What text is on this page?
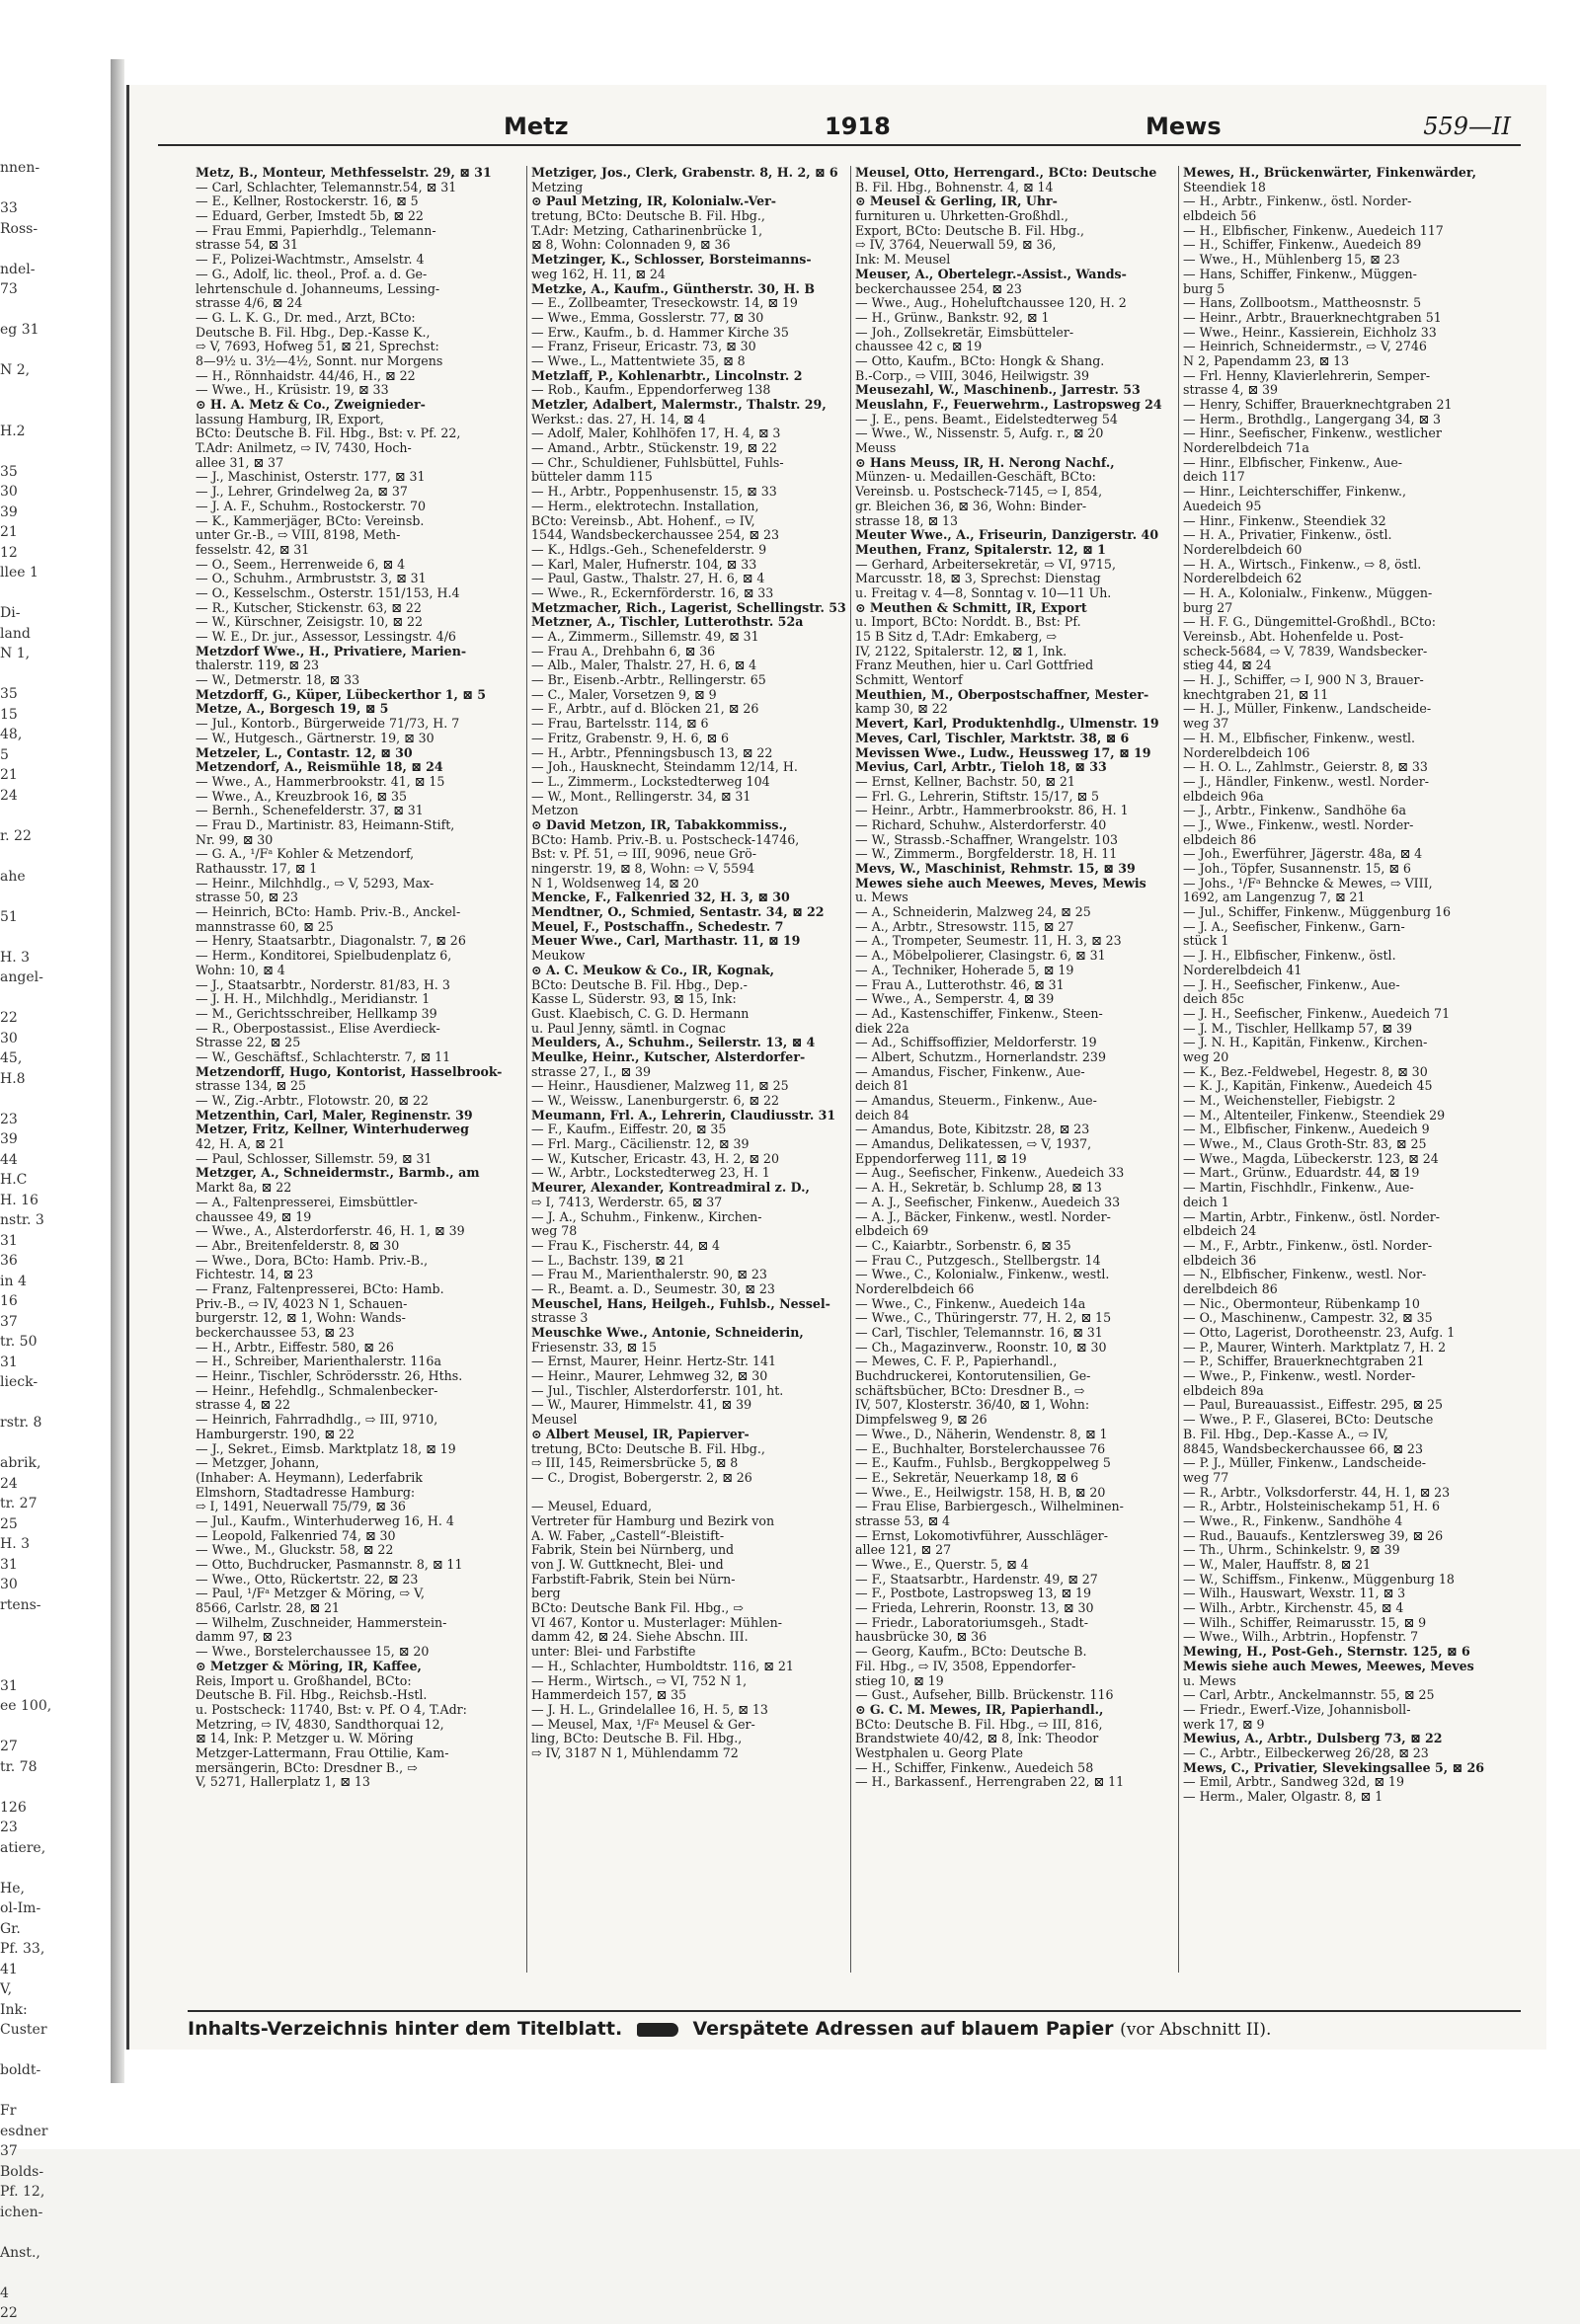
nnen-
33
Ross-
ndel-
73
eg 31
N 2,
H.2
35
30
39
21
12
llee 1
Di-
land
N 1,
35
15
48,
5
21
24
r. 22
ahe
51
H. 3
angel-
22
30
45,
H.8
23
39
44
H.C
H. 16
nstr. 3
31
36
in 4
16
37
tr. 50
31
lieck-
rstr. 8
abrik,
24
tr. 27
25
H. 3
31
30
rtens-
31
ee 100,
27
tr. 78
126
23
atiere,
He,
ol-Im-
Gr.
Pf. 33,
41
V,
Ink:
Custer
boldt-
Fr
esdner
37
Bolds-
Pf. 12,
ichen-
Anst.,
4
22
Metz	1918	Mews	559—II
Metz, B., Monteur, Methfesselstr. 29, ⊠ 31
— Carl, Schlachter, Telemannstr.54, ⊠ 31
— E., Kellner, Rostockerstr. 16, ⊠ 5
— Eduard, Gerber, Imstedt 5b, ⊠ 22
— Frau Emmi, Papierhdlg., Telemann-
strasse 54, ⊠ 31
— F., Polizei-Wachtmstr., Amselstr. 4
— G., Adolf, lic. theol., Prof. a. d. Ge-
lehrtenschule d. Johanneums, Lessing-
strasse 4/6, ⊠ 24
— G. L. K. G., Dr. med., Arzt, BCto:
Deutsche B. Fil. Hbg., Dep.-Kasse K.,
⇨ V, 7693, Hofweg 51, ⊠ 21, Sprechst:
8—9½ u. 3½—4½, Sonnt. nur Morgens
— H., Rönnhaidstr. 44/46, H., ⊠ 22
— Wwe., H., Krüsistr. 19, ⊠ 33
⊙ H. A. Metz & Co., Zweignieder-
lassung Hamburg, IR, Export,
BCto: Deutsche B. Fil. Hbg., Bst: v. Pf. 22,
T.Adr: Anilmetz, ⇨ IV, 7430, Hoch-
allee 31, ⊠ 37
— J., Maschinist, Osterstr. 177, ⊠ 31
— J., Lehrer, Grindelweg 2a, ⊠ 37
— J. A. F., Schuhm., Rostockerstr. 70
— K., Kammerjäger, BCto: Vereinsb.
unter Gr.-B., ⇨ VIII, 8198, Meth-
fesselstr. 42, ⊠ 31
— O., Seem., Herrenweide 6, ⊠ 4
— O., Schuhm., Armbruststr. 3, ⊠ 31
— O., Kesselschm., Osterstr. 151/153, H.4
— R., Kutscher, Stickenstr. 63, ⊠ 22
— W., Kürschner, Zeisigstr. 10, ⊠ 22
— W. E., Dr. jur., Assessor, Lessingstr. 4/6
Metzdorf Wwe., H., Privatiere, Marien-
thalerstr. 119, ⊠ 23
— W., Detmerstr. 18, ⊠ 33
Metzdorff, G., Küper, Lübeckerthor 1, ⊠ 5
Metze, A., Borgesch 19, ⊠ 5
— Jul., Kontorb., Bürgerweide 71/73, H. 7
— W., Hutgesch., Gärtnerstr. 19, ⊠ 30
Metzeler, L., Contastr. 12, ⊠ 30
Metzendorf, A., Reismühle 18, ⊠ 24
— Wwe., A., Hammerbrookstr. 41, ⊠ 15
— Wwe., A., Kreuzbrook 16, ⊠ 35
— Bernh., Schenefelderstr. 37, ⊠ 31
— Frau D., Martinistr. 83, Heimann-Stift,
Nr. 99, ⊠ 30
— G. A., ¹/Fᵃ Kohler & Metzendorf,
Rathausstr. 17, ⊠ 1
— Heinr., Milchhdlg., ⇨ V, 5293, Max-
strasse 50, ⊠ 23
— Heinrich, BCto: Hamb. Priv.-B., Anckel-
mannstrasse 60, ⊠ 25
— Henry, Staatsarbtr., Diagonalstr. 7, ⊠ 26
— Herm., Konditorei, Spielbudenplatz 6,
Wohn: 10, ⊠ 4
— J., Staatsarbtr., Norderstr. 81/83, H. 3
— J. H. H., Milchhdlg., Meridianstr. 1
— M., Gerichtsschreiber, Hellkamp 39
— R., Oberpostassist., Elise Averdieck-
Strasse 22, ⊠ 25
— W., Geschäftsf., Schlachterstr. 7, ⊠ 11
Metzendorff, Hugo, Kontorist, Hasselbrook-
strasse 134, ⊠ 25
— W., Zig.-Arbtr., Flotowstr. 20, ⊠ 22
Metzenthin, Carl, Maler, Reginenstr. 39
Metzer, Fritz, Kellner, Winterhuderweg
42, H. A, ⊠ 21
— Paul, Schlosser, Sillemstr. 59, ⊠ 31
Metzger, A., Schneidermstr., Barmb., am
Markt 8a, ⊠ 22
— A., Faltenpresserei, Eimsbüttler-
chaussee 49, ⊠ 19
— Wwe., A., Alsterdorferstr. 46, H. 1, ⊠ 39
— Abr., Breitenfelderstr. 8, ⊠ 30
— Wwe., Dora, BCto: Hamb. Priv.-B.,
Fichtestr. 14, ⊠ 23
— Franz, Faltenpresserei, BCto: Hamb.
Priv.-B., ⇨ IV, 4023 N 1, Schauen-
burgerstr. 12, ⊠ 1, Wohn: Wands-
beckerchaussee 53, ⊠ 23
— H., Arbtr., Eiffestr. 580, ⊠ 26
— H., Schreiber, Marienthalerstr. 116a
— Heinr., Tischler, Schrödersstr. 26, Hths.
— Heinr., Hefehdlg., Schmalenbecker-
strasse 4, ⊠ 22
— Heinrich, Fahrradhdlg., ⇨ III, 9710,
Hamburgerstr. 190, ⊠ 22
— J., Sekret., Eimsb. Marktplatz 18, ⊠ 19
— Metzger, Johann,
(Inhaber: A. Heymann), Lederfabrik
Elmshorn, Stadtadresse Hamburg:
⇨ I, 1491, Neuerwall 75/79, ⊠ 36
— Jul., Kaufm., Winterhuderweg 16, H. 4
— Leopold, Falkenried 74, ⊠ 30
— Wwe., M., Gluckstr. 58, ⊠ 22
— Otto, Buchdrucker, Pasmannstr. 8, ⊠ 11
— Wwe., Otto, Rückertstr. 22, ⊠ 23
— Paul, ¹/Fᵃ Metzger & Möring, ⇨ V,
8566, Carlstr. 28, ⊠ 21
— Wilhelm, Zuschneider, Hammerstein-
damm 97, ⊠ 23
— Wwe., Borstelerchaussee 15, ⊠ 20
⊙ Metzger & Möring, IR, Kaffee,
Reis, Import u. Großhandel, BCto:
Deutsche B. Fil. Hbg., Reichsb.-Hstl.
u. Postscheck: 11740, Bst: v. Pf. O 4, T.Adr:
Metzring, ⇨ IV, 4830, Sandthorquai 12,
⊠ 14, Ink: P. Metzger u. W. Möring
Metzger-Lattermann, Frau Ottilie, Kam-
mersängerin, BCto: Dresdner B., ⇨
V, 5271, Hallerplatz 1, ⊠ 13
Metziger, Jos., Clerk, Grabenstr. 8, H. 2, ⊠ 6
Metzing
⊙ Paul Metzing, IR, Kolonialw.-Ver-
tretung, BCto: Deutsche B. Fil. Hbg.,
T.Adr: Metzing, Catharinenbrücke 1,
⊠ 8, Wohn: Colonnaden 9, ⊠ 36
Metzinger, K., Schlosser, Borsteimanns-
weg 162, H. 11, ⊠ 24
Metzke, A., Kaufm., Güntherstr. 30, H. B
— E., Zollbeamter, Treseckowstr. 14, ⊠ 19
— Wwe., Emma, Gosslerstr. 77, ⊠ 30
— Erw., Kaufm., b. d. Hammer Kirche 35
— Franz, Friseur, Ericastr. 73, ⊠ 30
— Wwe., L., Mattentwiete 35, ⊠ 8
Metzlaff, P., Kohlenarbtr., Lincolnstr. 2
— Rob., Kaufm., Eppendorferweg 138
Metzler, Adalbert, Malermstr., Thalstr. 29,
Werkst.: das. 27, H. 14, ⊠ 4
— Adolf, Maler, Kohlhöfen 17, H. 4, ⊠ 3
— Amand., Arbtr., Stückenstr. 19, ⊠ 22
— Chr., Schuldiener, Fuhlsbüttel, Fuhls-
bütteler damm 115
— H., Arbtr., Poppenhusenstr. 15, ⊠ 33
— Herm., elektrotechn. Installation,
BCto: Vereinsb., Abt. Hohenf., ⇨ IV,
1544, Wandsbeckerchaussee 254, ⊠ 23
— K., Hdlgs.-Geh., Schenefelderstr. 9
— Karl, Maler, Hufnerstr. 104, ⊠ 33
— Paul, Gastw., Thalstr. 27, H. 6, ⊠ 4
— Wwe., R., Eckernförderstr. 16, ⊠ 33
Metzmacher, Rich., Lagerist, Schellingstr. 53
Metzner, A., Tischler, Lutterothstr. 52a
— A., Zimmerm., Sillemstr. 49, ⊠ 31
— Frau A., Drehbahn 6, ⊠ 36
— Alb., Maler, Thalstr. 27, H. 6, ⊠ 4
— Br., Eisenb.-Arbtr., Rellingerstr. 65
— C., Maler, Vorsetzen 9, ⊠ 9
— F., Arbtr., auf d. Blöcken 21, ⊠ 26
— Frau, Bartelsstr. 114, ⊠ 6
— Fritz, Grabenstr. 9, H. 6, ⊠ 6
— H., Arbtr., Pfenningsbusch 13, ⊠ 22
— Joh., Hausknecht, Steindamm 12/14, H.
— L., Zimmerm., Lockstedterweg 104
— W., Mont., Rellingerstr. 34, ⊠ 31
Metzon
⊙ David Metzon, IR, Tabakkommiss.,
BCto: Hamb. Priv.-B. u. Postscheck-14746,
Bst: v. Pf. 51, ⇨ III, 9096, neue Grö-
ningerstr. 19, ⊠ 8, Wohn: ⇨ V, 5594
N 1, Woldsenweg 14, ⊠ 20
Mencke, F., Falkenried 32, H. 3, ⊠ 30
Mendtner, O., Schmied, Sentastr. 34, ⊠ 22
Meuel, F., Postschaffn., Schedestr. 7
Meuer Wwe., Carl, Marthastr. 11, ⊠ 19
Meukow
⊙ A. C. Meukow & Co., IR, Kognak,
BCto: Deutsche B. Fil. Hbg., Dep.-
Kasse L, Süderstr. 93, ⊠ 15, Ink:
Gust. Klaebisch, C. G. D. Hermann
u. Paul Jenny, sämtl. in Cognac
Meulders, A., Schuhm., Seilerstr. 13, ⊠ 4
Meulke, Heinr., Kutscher, Alsterdorfer-
strasse 27, I., ⊠ 39
— Heinr., Hausdiener, Malzweg 11, ⊠ 25
— W., Weissw., Lanenburgerstr. 6, ⊠ 22
Meumann, Frl. A., Lehrerin, Claudiusstr. 31
— F., Kaufm., Eiffestr. 20, ⊠ 35
— Frl. Marg., Cäcilienstr. 12, ⊠ 39
— W., Kutscher, Ericastr. 43, H. 2, ⊠ 20
— W., Arbtr., Lockstedterweg 23, H. 1
Meurer, Alexander, Kontreadmiral z. D.,
⇨ I, 7413, Werderstr. 65, ⊠ 37
— J. A., Schuhm., Finkenw., Kirchen-
weg 78
— Frau K., Fischerstr. 44, ⊠ 4
— L., Bachstr. 139, ⊠ 21
— Frau M., Marienthalerstr. 90, ⊠ 23
— R., Beamt. a. D., Seumestr. 30, ⊠ 23
Meuschel, Hans, Heilgeh., Fuhlsb., Nessel-
strasse 3
Meuschke Wwe., Antonie, Schneiderin,
Friesenstr. 33, ⊠ 15
— Ernst, Maurer, Heinr. Hertz-Str. 141
— Heinr., Maurer, Lehmweg 32, ⊠ 30
— Jul., Tischler, Alsterdorferstr. 101, ht.
— W., Maurer, Himmelstr. 41, ⊠ 39
Meusel
⊙ Albert Meusel, IR, Papierver-
tretung, BCto: Deutsche B. Fil. Hbg.,
⇨ III, 145, Reimersbrücke 5, ⊠ 8
— C., Drogist, Bobergerstr. 2, ⊠ 26
— Meusel, Eduard,
Vertreter für Hamburg und Bezirk von
A. W. Faber, „Castell“-Bleistift-
Fabrik, Stein bei Nürnberg, und
von J. W. Guttknecht, Blei- und
Farbstift-Fabrik, Stein bei Nürn-
berg
BCto: Deutsche Bank Fil. Hbg., ⇨
VI 467, Kontor u. Musterlager: Mühlen-
damm 42, ⊠ 24. Siehe Abschn. III.
unter: Blei- und Farbstifte
— H., Schlachter, Humboldtstr. 116, ⊠ 21
— Herm., Wirtsch., ⇨ VI, 752 N 1,
Hammerdeich 157, ⊠ 35
— J. H. L., Grindelallee 16, H. 5, ⊠ 13
— Meusel, Max, ¹/Fᵃ Meusel & Ger-
ling, BCto: Deutsche B. Fil. Hbg.,
⇨ IV, 3187 N 1, Mühlendamm 72
Meusel, Otto, Herrengard., BCto: Deutsche
B. Fil. Hbg., Bohnenstr. 4, ⊠ 14
⊙ Meusel & Gerling, IR, Uhr-
furnituren u. Uhrketten-Großhdl.,
Export, BCto: Deutsche B. Fil. Hbg.,
⇨ IV, 3764, Neuerwall 59, ⊠ 36,
Ink: M. Meusel
Meuser, A., Obertelegr.-Assist., Wands-
beckerchaussee 254, ⊠ 23
— Wwe., Aug., Hoheluftchaussee 120, H. 2
— H., Grünw., Bankstr. 92, ⊠ 1
— Joh., Zollsekretär, Eimsbütteler-
chaussee 42 c, ⊠ 19
— Otto, Kaufm., BCto: Hongk & Shang.
B.-Corp., ⇨ VIII, 3046, Heilwigstr. 39
Meusezahl, W., Maschinenb., Jarrestr. 53
Meuslahn, F., Feuerwehrm., Lastropsweg 24
— J. E., pens. Beamt., Eidelstedterweg 54
— Wwe., W., Nissenstr. 5, Aufg. r., ⊠ 20
Meuss
⊙ Hans Meuss, IR, H. Nerong Nachf.,
Münzen- u. Medaillen-Geschäft, BCto:
Vereinsb. u. Postscheck-7145, ⇨ I, 854,
gr. Bleichen 36, ⊠ 36, Wohn: Binder-
strasse 18, ⊠ 13
Meuter Wwe., A., Friseurin, Danzigerstr. 40
Meuthen, Franz, Spitalerstr. 12, ⊠ 1
— Gerhard, Arbeitersekretär, ⇨ VI, 9715,
Marcusstr. 18, ⊠ 3, Sprechst: Dienstag
u. Freitag v. 4—8, Sonntag v. 10—11 Uh.
⊙ Meuthen & Schmitt, IR, Export
u. Import, BCto: Norddt. B., Bst: Pf.
15 B Sitz d, T.Adr: Emkaberg, ⇨
IV, 2122, Spitalerstr. 12, ⊠ 1, Ink.
Franz Meuthen, hier u. Carl Gottfried
Schmitt, Wentorf
Meuthien, M., Oberpostschaffner, Mester-
kamp 30, ⊠ 22
Mevert, Karl, Produktenhdlg., Ulmenstr. 19
Meves, Carl, Tischler, Marktstr. 38, ⊠ 6
Mevissen Wwe., Ludw., Heussweg 17, ⊠ 19
Mevius, Carl, Arbtr., Tieloh 18, ⊠ 33
— Ernst, Kellner, Bachstr. 50, ⊠ 21
— Frl. G., Lehrerin, Stiftstr. 15/17, ⊠ 5
— Heinr., Arbtr., Hammerbrookstr. 86, H. 1
— Richard, Schuhw., Alsterdorferstr. 40
— W., Strassb.-Schaffner, Wrangelstr. 103
— W., Zimmerm., Borgfelderstr. 18, H. 11
Mevs, W., Maschinist, Rehmstr. 15, ⊠ 39
Mewes siehe auch Meewes, Meves, Mewis
u. Mews
— A., Schneiderin, Malzweg 24, ⊠ 25
— A., Arbtr., Stresowstr. 115, ⊠ 27
— A., Trompeter, Seumestr. 11, H. 3, ⊠ 23
— A., Möbelpolierer, Clasingstr. 6, ⊠ 31
— A., Techniker, Hoherade 5, ⊠ 19
— Frau A., Lutterothstr. 46, ⊠ 31
— Wwe., A., Semperstr. 4, ⊠ 39
— Ad., Kastenschiffer, Finkenw., Steen-
diek 22a
— Ad., Schiffsoffizier, Meldorferstr. 19
— Albert, Schutzm., Hornerlandstr. 239
— Amandus, Fischer, Finkenw., Aue-
deich 81
— Amandus, Steuerm., Finkenw., Aue-
deich 84
— Amandus, Bote, Kibitzstr. 28, ⊠ 23
— Amandus, Delikatessen, ⇨ V, 1937,
Eppendorferweg 111, ⊠ 19
— Aug., Seefischer, Finkenw., Auedeich 33
— A. H., Sekretär, b. Schlump 28, ⊠ 13
— A. J., Seefischer, Finkenw., Auedeich 33
— A. J., Bäcker, Finkenw., westl. Norder-
elbdeich 69
— C., Kaiarbtr., Sorbenstr. 6, ⊠ 35
— Frau C., Putzgesch., Stellbergstr. 14
— Wwe., C., Kolonialw., Finkenw., westl.
Norderelbdeich 66
— Wwe., C., Finkenw., Auedeich 14a
— Wwe., C., Thüringerstr. 77, H. 2, ⊠ 15
— Carl, Tischler, Telemannstr. 16, ⊠ 31
— Ch., Magazinverw., Roonstr. 10, ⊠ 30
— Mewes, C. F. P., Papierhandl.,
Buchdruckerei, Kontorutensilien, Ge-
schäftsbücher, BCto: Dresdner B., ⇨
IV, 507, Klosterstr. 36/40, ⊠ 1, Wohn:
Dimpfelsweg 9, ⊠ 26
— Wwe., D., Näherin, Wendenstr. 8, ⊠ 1
— E., Buchhalter, Borstelerchaussee 76
— E., Kaufm., Fuhlsb., Bergkoppelweg 5
— E., Sekretär, Neuerkamp 18, ⊠ 6
— Wwe., E., Heilwigstr. 158, H. B, ⊠ 20
— Frau Elise, Barbiergesch., Wilhelminen-
strasse 53, ⊠ 4
— Ernst, Lokomotivführer, Ausschläger-
allee 121, ⊠ 27
— Wwe., E., Querstr. 5, ⊠ 4
— F., Staatsarbtr., Hardenstr. 49, ⊠ 27
— F., Postbote, Lastropsweg 13, ⊠ 19
— Frieda, Lehrerin, Roonstr. 13, ⊠ 30
— Friedr., Laboratoriumsgeh., Stadt-
hausbrücke 30, ⊠ 36
— Georg, Kaufm., BCto: Deutsche B.
Fil. Hbg., ⇨ IV, 3508, Eppendorfer-
stieg 10, ⊠ 19
— Gust., Aufseher, Billb. Brückenstr. 116
⊙ G. C. M. Mewes, IR, Papierhandl.,
BCto: Deutsche B. Fil. Hbg., ⇨ III, 816,
Brandstwiete 40/42, ⊠ 8, Ink: Theodor
Westphalen u. Georg Plate
— H., Schiffer, Finkenw., Auedeich 58
— H., Barkassenf., Herrengraben 22, ⊠ 11
Mewes, H., Brückenwärter, Finkenwärder,
Steendiek 18
— H., Arbtr., Finkenw., östl. Norder-
elbdeich 56
— H., Elbfischer, Finkenw., Auedeich 117
— H., Schiffer, Finkenw., Auedeich 89
— Wwe., H., Mühlenberg 15, ⊠ 23
— Hans, Schiffer, Finkenw., Müggen-
burg 5
— Hans, Zollbootsm., Mattheosnstr. 5
— Heinr., Arbtr., Brauerknechtgraben 51
— Wwe., Heinr., Kassierein, Eichholz 33
— Heinrich, Schneidermstr., ⇨ V, 2746
N 2, Papendamm 23, ⊠ 13
— Frl. Henny, Klavierlehrerin, Semper-
strasse 4, ⊠ 39
— Henry, Schiffer, Brauerknechtgraben 21
— Herm., Brothdlg., Langergang 34, ⊠ 3
— Hinr., Seefischer, Finkenw., westlicher
Norderelbdeich 71a
— Hinr., Elbfischer, Finkenw., Aue-
deich 117
— Hinr., Leichterschiffer, Finkenw.,
Auedeich 95
— Hinr., Finkenw., Steendiek 32
— H. A., Privatier, Finkenw., östl.
Norderelbdeich 60
— H. A., Wirtsch., Finkenw., ⇨ 8, östl.
Norderelbdeich 62
— H. A., Kolonialw., Finkenw., Müggen-
burg 27
— H. F. G., Düngemittel-Großhdl., BCto:
Vereinsb., Abt. Hohenfelde u. Post-
scheck-5684, ⇨ V, 7839, Wandsbecker-
stieg 44, ⊠ 24
— H. J., Schiffer, ⇨ I, 900 N 3, Brauer-
knechtgraben 21, ⊠ 11
— H. J., Müller, Finkenw., Landscheide-
weg 37
— H. M., Elbfischer, Finkenw., westl.
Norderelbdeich 106
— H. O. L., Zahlmstr., Geierstr. 8, ⊠ 33
— J., Händler, Finkenw., westl. Norder-
elbdeich 96a
— J., Arbtr., Finkenw., Sandhöhe 6a
— J., Wwe., Finkenw., westl. Norder-
elbdeich 86
— Joh., Ewerführer, Jägerstr. 48a, ⊠ 4
— Joh., Töpfer, Susannenstr. 15, ⊠ 6
— Johs., ¹/Fᵃ Behncke & Mewes, ⇨ VIII,
1692, am Langenzug 7, ⊠ 21
— Jul., Schiffer, Finkenw., Müggenburg 16
— J. A., Seefischer, Finkenw., Garn-
stück 1
— J. H., Elbfischer, Finkenw., östl.
Norderelbdeich 41
— J. H., Seefischer, Finkenw., Aue-
deich 85c
— J. H., Seefischer, Finkenw., Auedeich 71
— J. M., Tischler, Hellkamp 57, ⊠ 39
— J. N. H., Kapitän, Finkenw., Kirchen-
weg 20
— K., Bez.-Feldwebel, Hegestr. 8, ⊠ 30
— K. J., Kapitän, Finkenw., Auedeich 45
— M., Weichensteller, Fiebigstr. 2
— M., Altenteiler, Finkenw., Steendiek 29
— M., Elbfischer, Finkenw., Auedeich 9
— Wwe., M., Claus Groth-Str. 83, ⊠ 25
— Wwe., Magda, Lübeckerstr. 123, ⊠ 24
— Mart., Grünw., Eduardstr. 44, ⊠ 19
— Martin, Fischhdlr., Finkenw., Aue-
deich 1
— Martin, Arbtr., Finkenw., östl. Norder-
elbdeich 24
— M., F., Arbtr., Finkenw., östl. Norder-
elbdeich 36
— N., Elbfischer, Finkenw., westl. Nor-
derelbdeich 86
— Nic., Obermonteur, Rübenkamp 10
— O., Maschinenw., Campestr. 32, ⊠ 35
— Otto, Lagerist, Dorotheenstr. 23, Aufg. 1
— P., Maurer, Winterh. Marktplatz 7, H. 2
— P., Schiffer, Brauerknechtgraben 21
— Wwe., P., Finkenw., westl. Norder-
elbdeich 89a
— Paul, Bureauassist., Eiffestr. 295, ⊠ 25
— Wwe., P. F., Glaserei, BCto: Deutsche
B. Fil. Hbg., Dep.-Kasse A., ⇨ IV,
8845, Wandsbeckerchaussee 66, ⊠ 23
— P. J., Müller, Finkenw., Landscheide-
weg 77
— R., Arbtr., Volksdorferstr. 44, H. 1, ⊠ 23
— R., Arbtr., Holsteinischekamp 51, H. 6
— Wwe., R., Finkenw., Sandhöhe 4
— Rud., Bauaufs., Kentzlersweg 39, ⊠ 26
— Th., Uhrm., Schinkelstr. 9, ⊠ 39
— W., Maler, Hauffstr. 8, ⊠ 21
— W., Schiffsm., Finkenw., Müggenburg 18
— Wilh., Hauswart, Wexstr. 11, ⊠ 3
— Wilh., Arbtr., Kirchenstr. 45, ⊠ 4
— Wilh., Schiffer, Reimarusstr. 15, ⊠ 9
— Wwe., Wilh., Arbtrin., Hopfenstr. 7
Mewing, H., Post-Geh., Sternstr. 125, ⊠ 6
Mewis siehe auch Mewes, Meewes, Meves
u. Mews
— Carl, Arbtr., Anckelmannstr. 55, ⊠ 25
— Friedr., Ewerf.-Vize, Johannisboll-
werk 17, ⊠ 9
Mewius, A., Arbtr., Dulsberg 73, ⊠ 22
— C., Arbtr., Eilbeckerweg 26/28, ⊠ 23
Mews, C., Privatier, Slevekingsallee 5, ⊠ 26
— Emil, Arbtr., Sandweg 32d, ⊠ 19
— Herm., Maler, Olgastr. 8, ⊠ 1
Inhalts-Verzeichnis hinter dem Titelblatt.	Verspätete Adressen auf blauem Papier (vor Abschnitt II).
